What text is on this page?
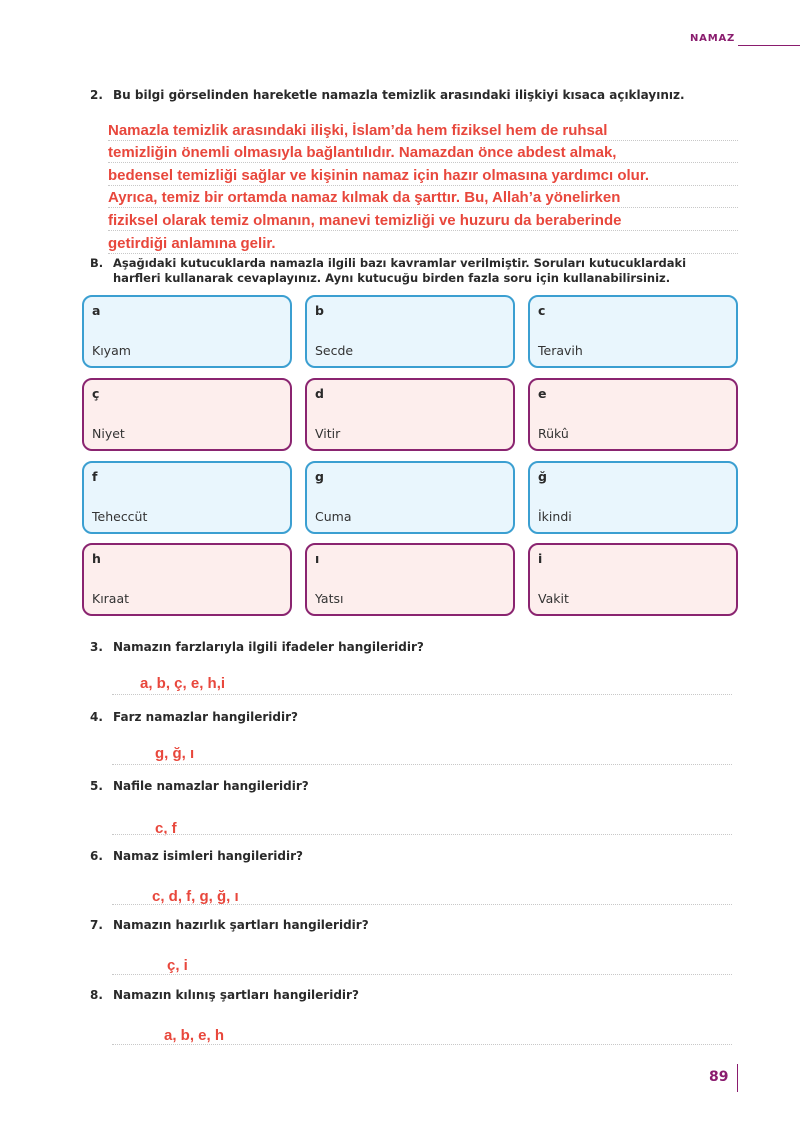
NAMAZ
2. Bu bilgi görselinden hareketle namazla temizlik arasındaki ilişkiyi kısaca açıklayınız.
Namazla temizlik arasındaki ilişki, İslam’da hem fiziksel hem de ruhsal
temizliğin önemli olmasıyla bağlantılıdır. Namazdan önce abdest almak,
bedensel temizliği sağlar ve kişinin namaz için hazır olmasına yardımcı olur.
Ayrıca, temiz bir ortamda namaz kılmak da şarttır. Bu, Allah’a yönelirken
fiziksel olarak temiz olmanın, manevi temizliği ve huzuru da beraberinde
getirdiği anlamına gelir.
B. Aşağıdaki kutucuklarda namazla ilgili bazı kavramlar verilmiştir. Soruları kutucuklardaki
harfleri kullanarak cevaplayınız. Aynı kutucuğu birden fazla soru için kullanabilirsiniz.
a
Kıyam
b
Secde
c
Teravih
ç
Niyet
d
Vitir
e
Rükû
f
Teheccüt
g
Cuma
ğ
İkindi
h
Kıraat
ı
Yatsı
i
Vakit
3. Namazın farzlarıyla ilgili ifadeler hangileridir?
a, b, ç, e, h,i
4. Farz namazlar hangileridir?
g, ğ, ı
5. Nafile namazlar hangileridir?
c, f
6. Namaz isimleri hangileridir?
c, d, f, g, ğ, ı
7. Namazın hazırlık şartları hangileridir?
ç, i
8. Namazın kılınış şartları hangileridir?
a, b, e, h
89
